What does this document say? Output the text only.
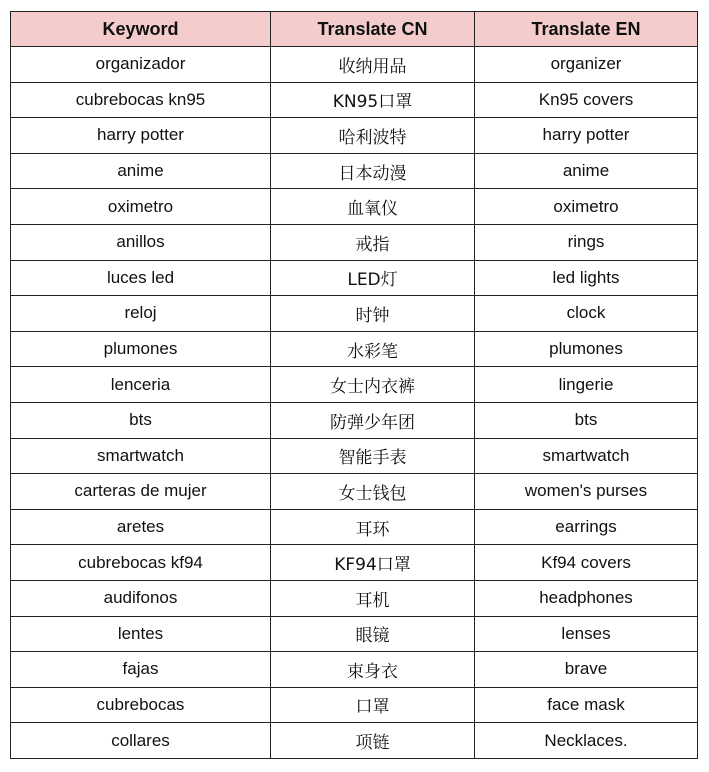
Keyword	Translate CN	Translate EN
organizador	收纳用品	organizer
cubrebocas kn95	KN95口罩	Kn95 covers
harry potter	哈利波特	harry potter
anime	日本动漫	anime
oximetro	血氧仪	oximetro
anillos	戒指	rings
luces led	LED灯	led lights
reloj	时钟	clock
plumones	水彩笔	plumones
lenceria	女士内衣裤	lingerie
bts	防弹少年团	bts
smartwatch	智能手表	smartwatch
carteras de mujer	女士钱包	women's purses
aretes	耳环	earrings
cubrebocas kf94	KF94口罩	Kf94 covers
audifonos	耳机	headphones
lentes	眼镜	lenses
fajas	束身衣	brave
cubrebocas	口罩	face mask
collares	项链	Necklaces.
